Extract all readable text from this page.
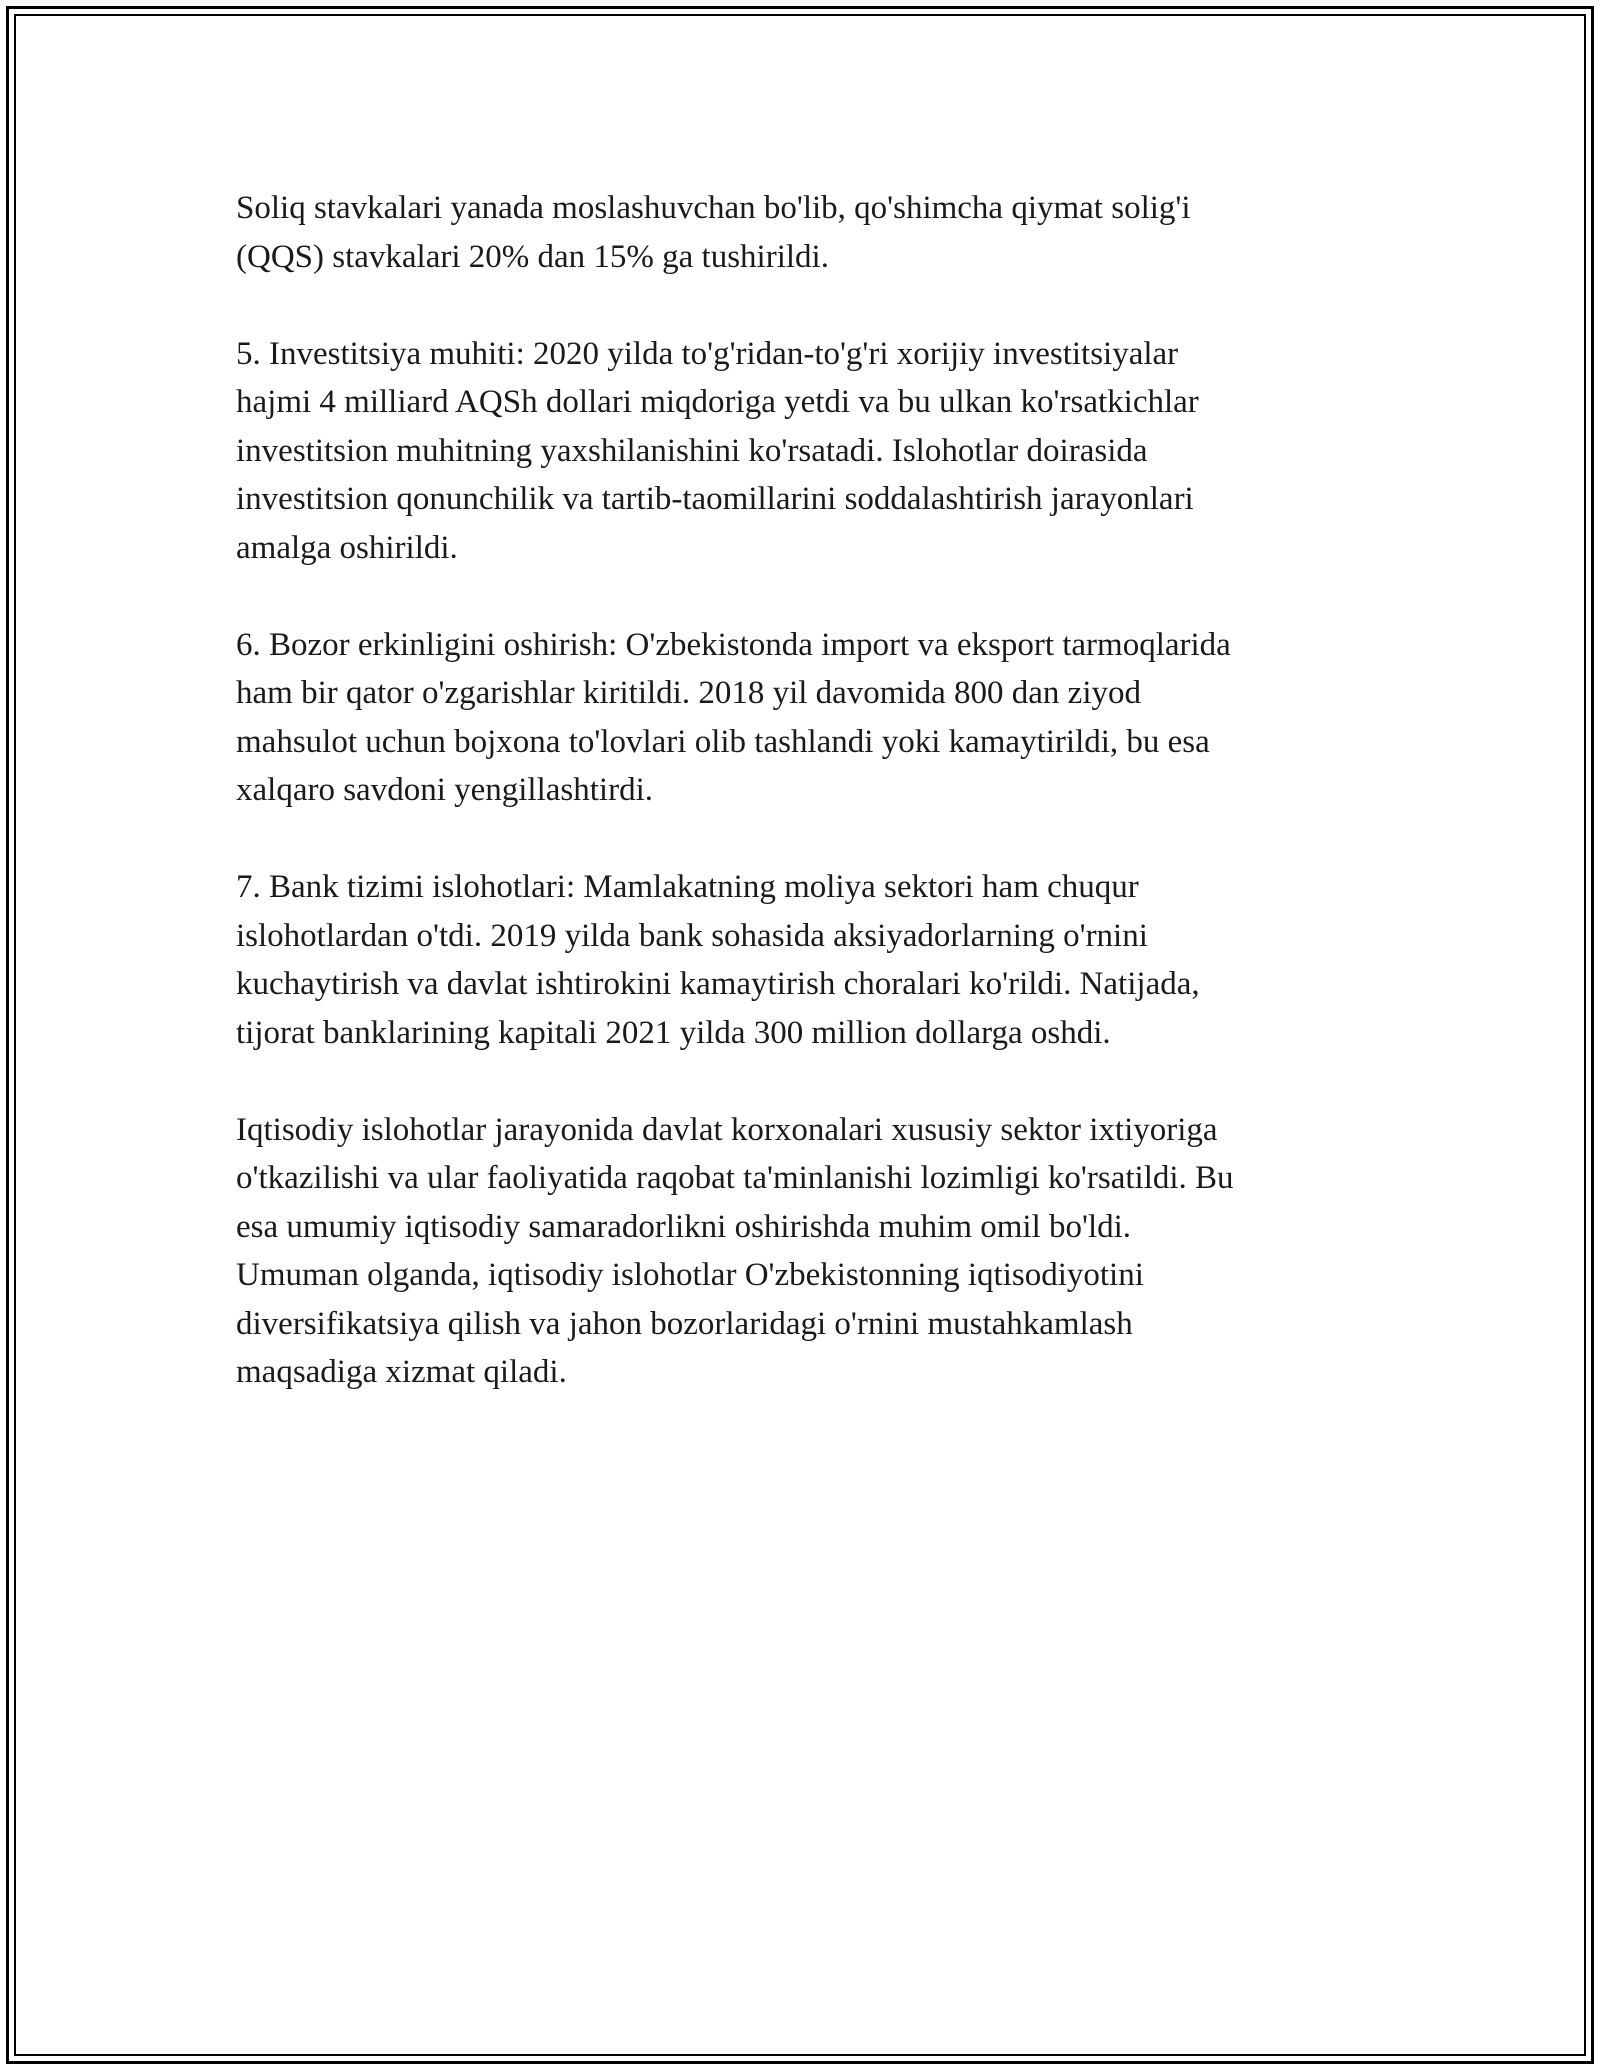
Soliq stavkalari yanada moslashuvchan bo'lib, qo'shimcha qiymat solig'i
(QQS) stavkalari 20% dan 15% ga tushirildi.

5. Investitsiya muhiti: 2020 yilda to'g'ridan-to'g'ri xorijiy investitsiyalar
hajmi 4 milliard AQSh dollari miqdoriga yetdi va bu ulkan ko'rsatkichlar
investitsion muhitning yaxshilanishini ko'rsatadi. Islohotlar doirasida
investitsion qonunchilik va tartib-taomillarini soddalashtirish jarayonlari
amalga oshirildi.

6. Bozor erkinligini oshirish: O'zbekistonda import va eksport tarmoqlarida
ham bir qator o'zgarishlar kiritildi. 2018 yil davomida 800 dan ziyod
mahsulot uchun bojxona to'lovlari olib tashlandi yoki kamaytirildi, bu esa
xalqaro savdoni yengillashtirdi.

7. Bank tizimi islohotlari: Mamlakatning moliya sektori ham chuqur
islohotlardan o'tdi. 2019 yilda bank sohasida aksiyadorlarning o'rnini
kuchaytirish va davlat ishtirokini kamaytirish choralari ko'rildi. Natijada,
tijorat banklarining kapitali 2021 yilda 300 million dollarga oshdi.

Iqtisodiy islohotlar jarayonida davlat korxonalari xususiy sektor ixtiyoriga
o'tkazilishi va ular faoliyatida raqobat ta'minlanishi lozimligi ko'rsatildi. Bu
esa umumiy iqtisodiy samaradorlikni oshirishda muhim omil bo'ldi.
Umuman olganda, iqtisodiy islohotlar O'zbekistonning iqtisodiyotini
diversifikatsiya qilish va jahon bozorlaridagi o'rnini mustahkamlash
maqsadiga xizmat qiladi.
